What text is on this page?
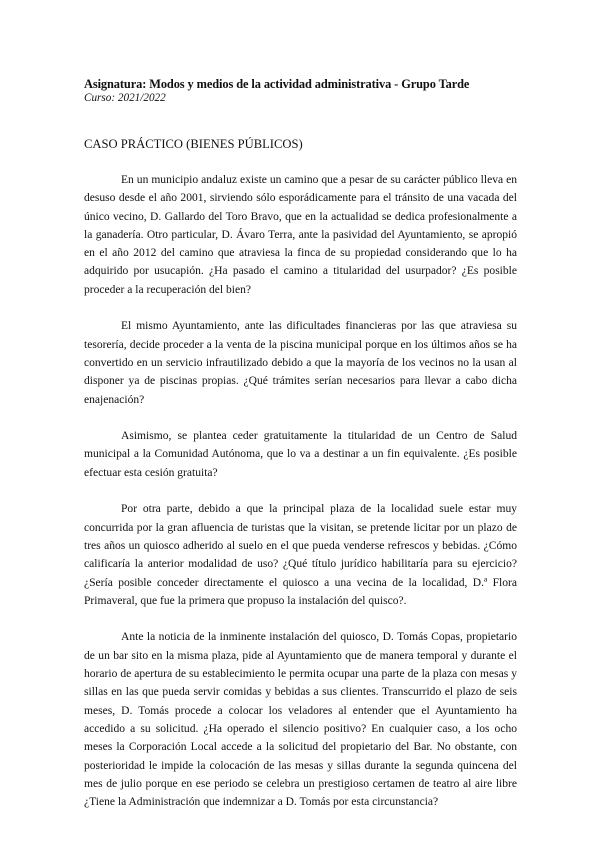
Asignatura: Modos y medios de la actividad administrativa - Grupo Tarde
Curso: 2021/2022
CASO PRÁCTICO (BIENES PÚBLICOS)

En un municipio andaluz existe un camino que a pesar de su carácter público lleva en desuso desde el año 2001, sirviendo sólo esporádicamente para el tránsito de una vacada del único vecino, D. Gallardo del Toro Bravo, que en la actualidad se dedica profesionalmente a la ganadería. Otro particular, D. Ávaro Terra, ante la pasividad del Ayuntamiento, se apropió en el año 2012 del camino que atraviesa la finca de su propiedad considerando que lo ha adquirido por usucapión. ¿Ha pasado el camino a titularidad del usurpador? ¿Es posible proceder a la recuperación del bien?

El mismo Ayuntamiento, ante las dificultades financieras por las que atraviesa su tesorería, decide proceder a la venta de la piscina municipal porque en los últimos años se ha convertido en un servicio infrautilizado debido a que la mayoría de los vecinos no la usan al disponer ya de piscinas propias. ¿Qué trámites serían necesarios para llevar a cabo dicha enajenación?

Asimismo, se plantea ceder gratuitamente la titularidad de un Centro de Salud municipal a la Comunidad Autónoma, que lo va a destinar a un fin equivalente. ¿Es posible efectuar esta cesión gratuita?

Por otra parte, debido a que la principal plaza de la localidad suele estar muy concurrida por la gran afluencia de turistas que la visitan, se pretende licitar por un plazo de tres años un quiosco adherido al suelo en el que pueda venderse refrescos y bebidas. ¿Cómo calificaría la anterior modalidad de uso? ¿Qué título jurídico habilitaría para su ejercicio? ¿Sería posible conceder directamente el quiosco a una vecina de la localidad, D.ª Flora Primaveral, que fue la primera que propuso la instalación del quisco?.

Ante la noticia de la inminente instalación del quiosco, D. Tomás Copas, propietario de un bar sito en la misma plaza, pide al Ayuntamiento que de manera temporal y durante el horario de apertura de su establecimiento le permita ocupar una parte de la plaza con mesas y sillas en las que pueda servir comidas y bebidas a sus clientes. Transcurrido el plazo de seis meses, D. Tomás procede a colocar los veladores al entender que el Ayuntamiento ha accedido a su solicitud. ¿Ha operado el silencio positivo? En cualquier caso, a los ocho meses la Corporación Local accede a la solicitud del propietario del Bar. No obstante, con posterioridad le impide la colocación de las mesas y sillas durante la segunda quincena del mes de julio porque en ese periodo se celebra un prestigioso certamen de teatro al aire libre ¿Tiene la Administración que indemnizar a D. Tomás por esta circunstancia?
